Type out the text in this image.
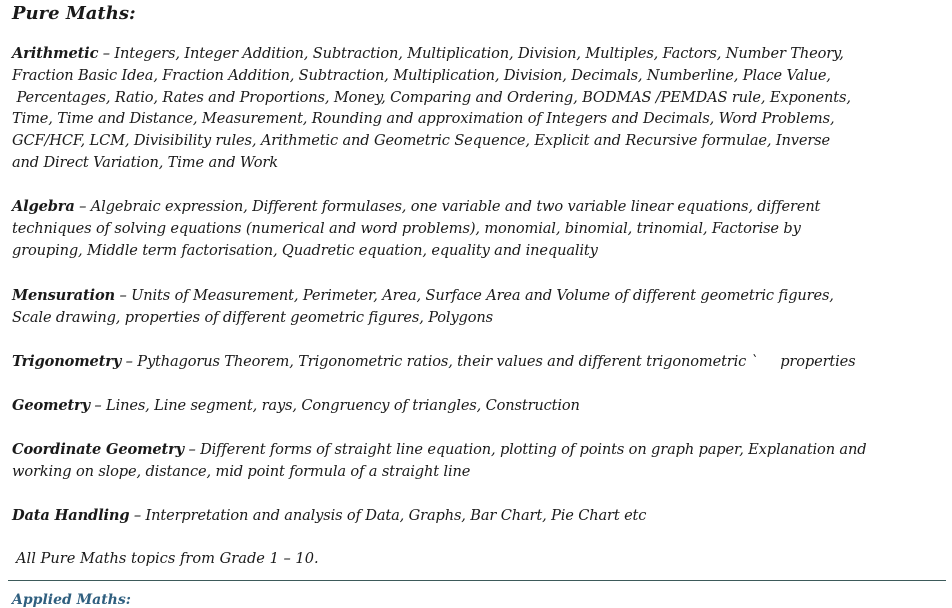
Pure Maths:
Arithmetic – Integers, Integer Addition, Subtraction, Multiplication, Division, Multiples, Factors, Number Theory,
Fraction Basic Idea, Fraction Addition, Subtraction, Multiplication, Division, Decimals, Numberline, Place Value,
Percentages, Ratio, Rates and Proportions, Money, Comparing and Ordering, BODMAS /PEMDAS rule, Exponents,
Time, Time and Distance, Measurement, Rounding and approximation of Integers and Decimals, Word Problems,
GCF/HCF, LCM, Divisibility rules, Arithmetic and Geometric Sequence, Explicit and Recursive formulae, Inverse
and Direct Variation, Time and Work
Algebra – Algebraic expression, Different formulases, one variable and two variable linear equations, different
techniques of solving equations (numerical and word problems), monomial, binomial, trinomial, Factorise by
grouping, Middle term factorisation, Quadretic equation, equality and inequality
Mensuration – Units of Measurement, Perimeter, Area, Surface Area and Volume of different geometric figures,
Scale drawing, properties of different geometric figures, Polygons
Trigonometry – Pythagorus Theorem, Trigonometric ratios, their values and different trigonometric `     properties
Geometry – Lines, Line segment, rays, Congruency of triangles, Construction
Coordinate Geometry – Different forms of straight line equation, plotting of points on graph paper, Explanation and
working on slope, distance, mid point formula of a straight line
Data Handling – Interpretation and analysis of Data, Graphs, Bar Chart, Pie Chart etc
All Pure Maths topics from Grade 1 – 10.
Applied Maths:
